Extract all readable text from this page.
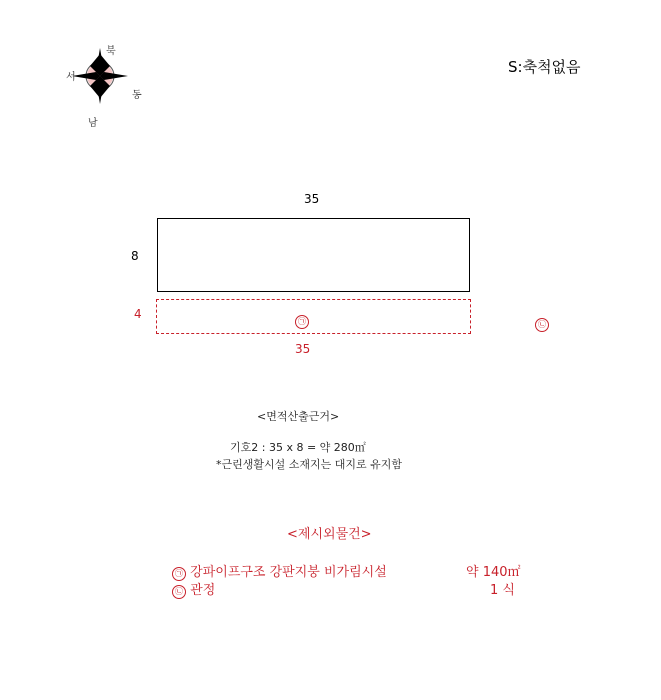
북
서
동
남
S:축척없음
35
8
4
㉠
35
㉡
<면적산출근거>
기호2 : 35 x 8 = 약 280㎡
*근린생활시설 소재지는 대지로 유지함
<제시외물건>
㉠ 강파이프구조 강판지붕 비가림시설	약 140㎡
㉡ 관정	1 식
